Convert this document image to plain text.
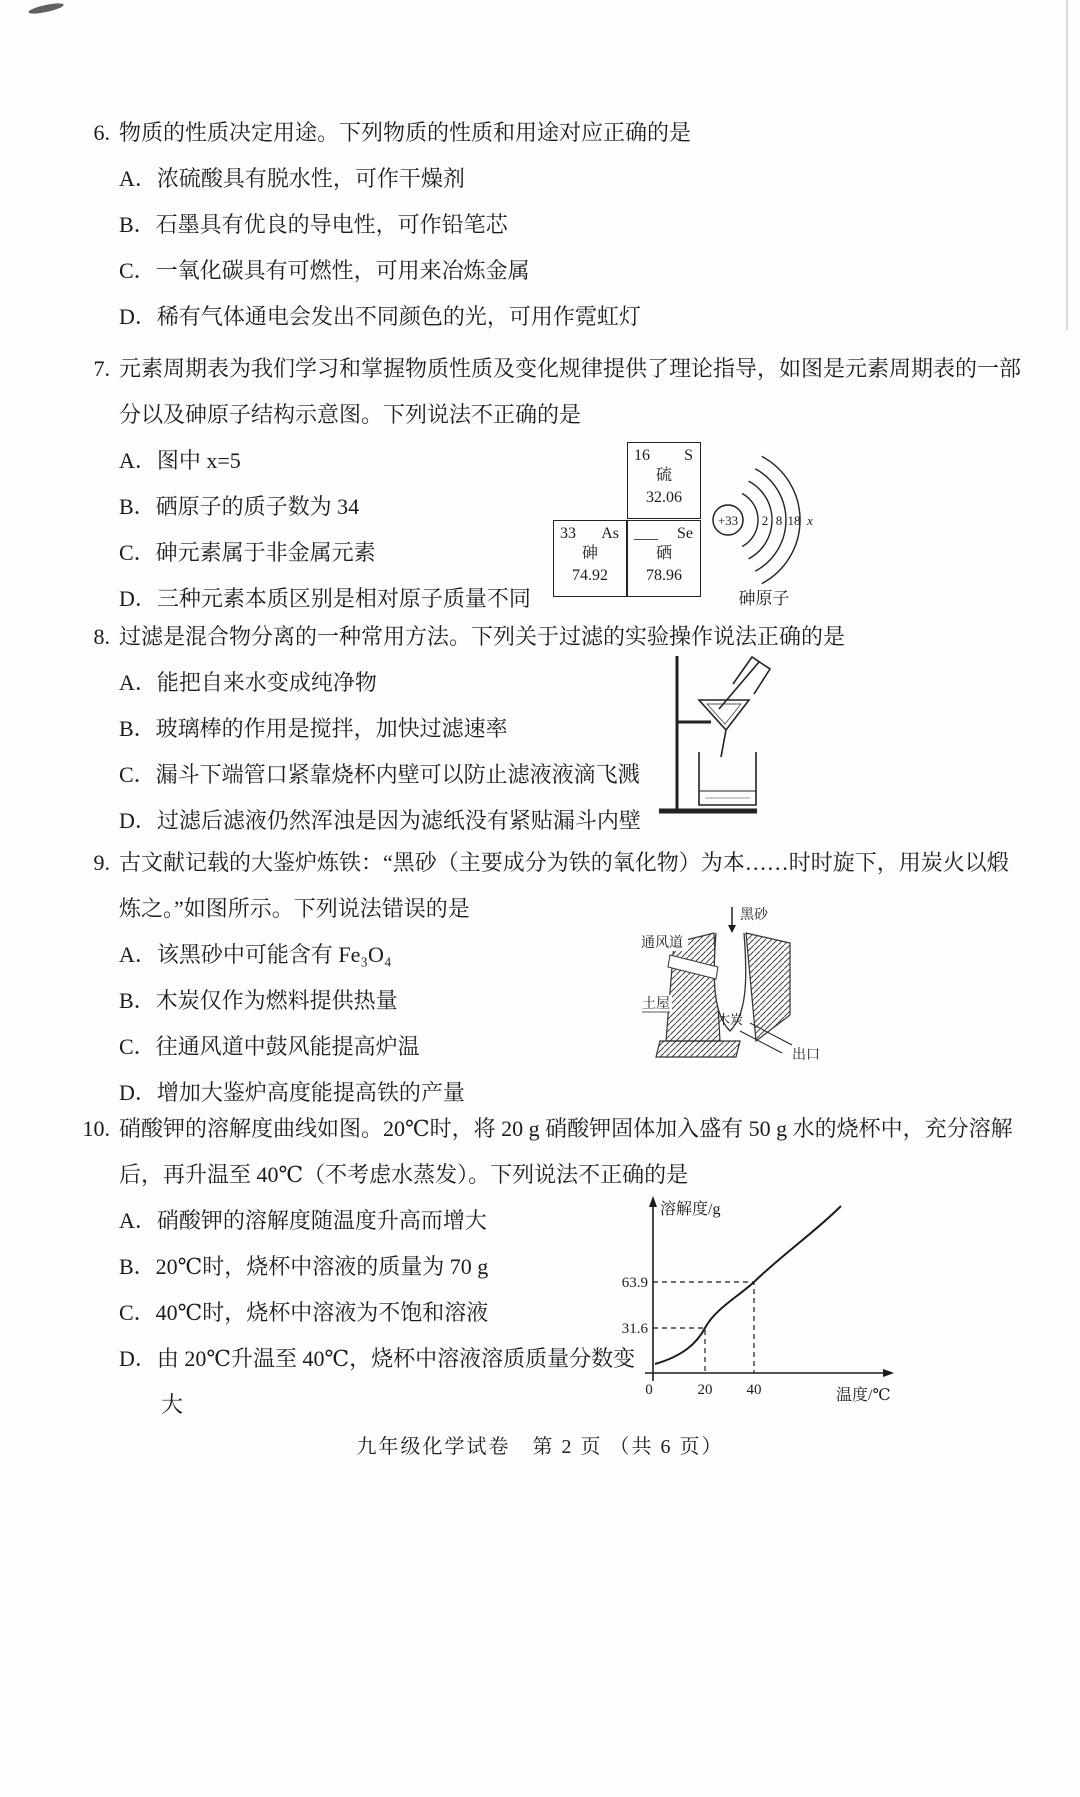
6. 物质的性质决定用途。下列物质的性质和用途对应正确的是
A．浓硫酸具有脱水性，可作干燥剂
B．石墨具有优良的导电性，可作铅笔芯
C．一氧化碳具有可燃性，可用来冶炼金属
D．稀有气体通电会发出不同颜色的光，可用作霓虹灯
7. 元素周期表为我们学习和掌握物质性质及变化规律提供了理论指导，如图是元素周期表的一部分以及砷原子结构示意图。下列说法不正确的是
A．图中 x=5
B．硒原子的质子数为 34
C．砷元素属于非金属元素
D．三种元素本质区别是相对原子质量不同
16 S
硫
32.06
33 As
砷
74.92
___ Se
硒
78.96
+33 2 8 18 x
砷原子
8. 过滤是混合物分离的一种常用方法。下列关于过滤的实验操作说法正确的是
A．能把自来水变成纯净物
B．玻璃棒的作用是搅拌，加快过滤速率
C．漏斗下端管口紧靠烧杯内壁可以防止滤液液滴飞溅
D．过滤后滤液仍然浑浊是因为滤纸没有紧贴漏斗内壁
9. 古文献记载的大鉴炉炼铁：“黑砂（主要成分为铁的氧化物）为本……时时旋下，用炭火以煅炼之。”如图所示。下列说法错误的是
A．该黑砂中可能含有 Fe₃O₄
B．木炭仅作为燃料提供热量
C．往通风道中鼓风能提高炉温
D．增加大鉴炉高度能提高铁的产量
木炭
通风道
土屋
出口
黑砂
10. 硝酸钾的溶解度曲线如图。20℃时，将 20 g 硝酸钾固体加入盛有 50 g 水的烧杯中，充分溶解后，再升温至 40℃（不考虑水蒸发）。下列说法不正确的是
A．硝酸钾的溶解度随温度升高而增大
B．20℃时，烧杯中溶液的质量为 70 g
C．40℃时，烧杯中溶液为不饱和溶液
D．由 20℃升温至 40℃，烧杯中溶液溶质质量分数变大
溶解度/g
温度/℃
63.9
31.6
0	20 40
九年级化学试卷　第 2 页 （共 6 页）
